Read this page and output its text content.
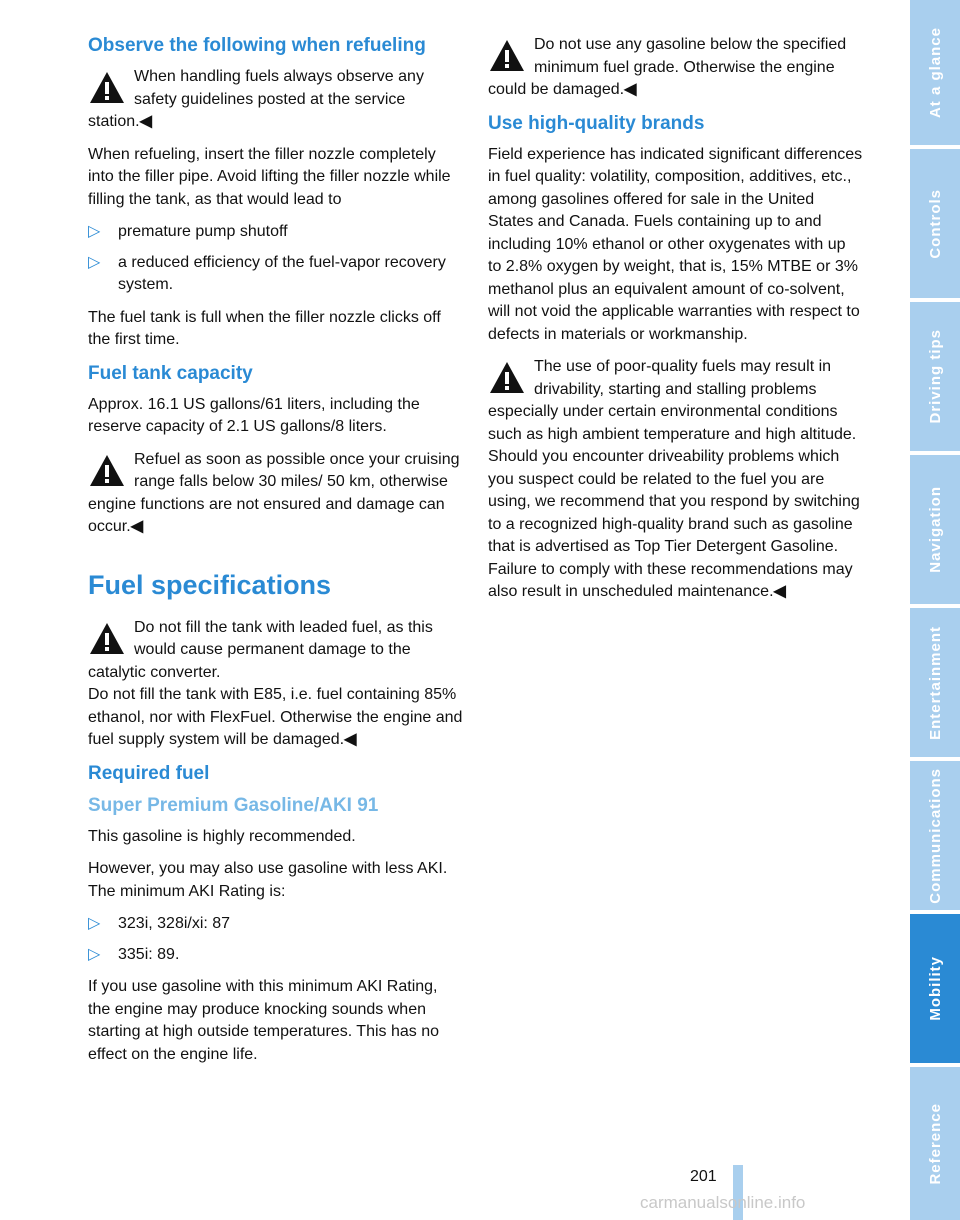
Observe the following when refueling
When handling fuels always observe any safety guidelines posted at the service station.◀

When refueling, insert the filler nozzle completely into the filler pipe. Avoid lifting the filler nozzle while filling the tank, as that would lead to

▷ premature pump shutoff
▷ a reduced efficiency of the fuel-vapor recovery system.

The fuel tank is full when the filler nozzle clicks off the first time.

Fuel tank capacity

Approx. 16.1 US gallons/61 liters, including the reserve capacity of 2.1 US gallons/8 liters.

Refuel as soon as possible once your cruising range falls below 30 miles/ 50 km, otherwise engine functions are not ensured and damage can occur.◀
Fuel specifications
Do not fill the tank with leaded fuel, as this would cause permanent damage to the catalytic converter.
Do not fill the tank with E85, i.e. fuel containing 85% ethanol, nor with FlexFuel. Otherwise the engine and fuel supply system will be damaged.◀
Required fuel
Super Premium Gasoline/AKI 91

This gasoline is highly recommended.

However, you may also use gasoline with less AKI. The minimum AKI Rating is:

▷ 323i, 328i/xi: 87
▷ 335i: 89.

If you use gasoline with this minimum AKI Rating, the engine may produce knocking sounds when starting at high outside temperatures. This has no effect on the engine life.

Do not use any gasoline below the specified minimum fuel grade. Otherwise the engine could be damaged.◀
Use high-quality brands

Field experience has indicated significant differences in fuel quality: volatility, composition, additives, etc., among gasolines offered for sale in the United States and Canada. Fuels containing up to and including 10% ethanol or other oxygenates with up to 2.8% oxygen by weight, that is, 15% MTBE or 3% methanol plus an equivalent amount of co-solvent, will not void the applicable warranties with respect to defects in materials or workmanship.

The use of poor-quality fuels may result in drivability, starting and stalling problems especially under certain environmental conditions such as high ambient temperature and high altitude.
Should you encounter driveability problems which you suspect could be related to the fuel you are using, we recommend that you respond by switching to a recognized high-quality brand such as gasoline that is advertised as Top Tier Detergent Gasoline.
Failure to comply with these recommendations may also result in unscheduled maintenance.◀
At a glance
Controls
Driving tips
Navigation
Entertainment
Communications
Mobility
Reference
201
carmanualsonline.info
